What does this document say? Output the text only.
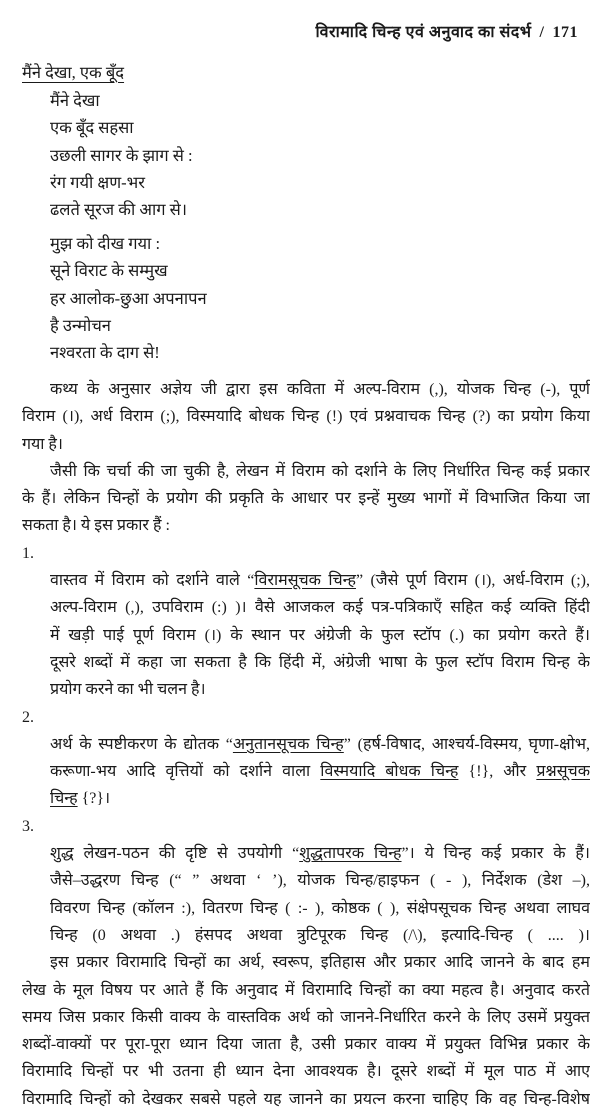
विरामादि चिन्ह एवं अनुवाद का संदर्भ / 171
मैंने देखा, एक बूँद
मैंने देखा
एक बूँद सहसा
उछली सागर के झाग से :
रंग गयी क्षण-भर
ढलते सूरज की आग से।
मुझ को दीख गया :
सूने विराट के सम्मुख
हर आलोक-छुआ अपनापन
है उन्मोचन
नश्वरता के दाग से!
कथ्य के अनुसार अज्ञेय जी द्वारा इस कविता में अल्प-विराम (,), योजक चिन्ह (-), पूर्ण
विराम (।), अर्ध विराम (;), विस्मयादि बोधक चिन्ह (!) एवं प्रश्नवाचक चिन्ह (?) का प्रयोग किया
गया है।
जैसी कि चर्चा की जा चुकी है, लेखन में विराम को दर्शाने के लिए निर्धारित चिन्ह कई प्रकार
के हैं। लेकिन चिन्हों के प्रयोग की प्रकृति के आधार पर इन्हें मुख्य भागों में विभाजित किया जा
सकता है। ये इस प्रकार हैं :
1.
वास्तव में विराम को दर्शाने वाले “विरामसूचक चिन्ह” (जैसे पूर्ण विराम (।), अर्ध-विराम (;),
अल्प-विराम (,), उपविराम (:) )। वैसे आजकल कई पत्र-पत्रिकाएँ सहित कई व्यक्ति हिंदी
में खड़ी पाई पूर्ण विराम (।) के स्थान पर अंग्रेजी के फुल स्टॉप (.) का प्रयोग करते हैं।
दूसरे शब्दों में कहा जा सकता है कि हिंदी में, अंग्रेजी भाषा के फुल स्टॉप विराम चिन्ह के
प्रयोग करने का भी चलन है।
2.
अर्थ के स्पष्टीकरण के द्योतक “अनुतानसूचक चिन्ह” (हर्ष-विषाद, आश्चर्य-विस्मय, घृणा-क्षोभ,
करूणा-भय आदि वृत्तियों को दर्शाने वाला विस्मयादि बोधक चिन्ह {!}, और प्रश्नसूचक
चिन्ह {?}।
3.
शुद्ध लेखन-पठन की दृष्टि से उपयोगी “शुद्धतापरक चिन्ह”। ये चिन्ह कई प्रकार के हैं।
जैसे–उद्धरण चिन्ह (“ ” अथवा ‘ ’), योजक चिन्ह/हाइफन ( - ), निर्देशक (डेश –),
विवरण चिन्ह (कॉलन :), वितरण चिन्ह ( :- ), कोष्ठक ( ), संक्षेपसूचक चिन्ह अथवा लाघव
चिन्ह (0 अथवा .) हंसपद अथवा त्रुटिपूरक चिन्ह (/\), इत्यादि-चिन्ह ( .... )।
इस प्रकार विरामादि चिन्हों का अर्थ, स्वरूप, इतिहास और प्रकार आदि जानने के बाद हम
लेख के मूल विषय पर आते हैं कि अनुवाद में विरामादि चिन्हों का क्या महत्व है। अनुवाद करते
समय जिस प्रकार किसी वाक्य के वास्तविक अर्थ को जानने-निर्धारित करने के लिए उसमें प्रयुक्त
शब्दों-वाक्यों पर पूरा-पूरा ध्यान दिया जाता है, उसी प्रकार वाक्य में प्रयुक्त विभिन्न प्रकार के
विरामादि चिन्हों पर भी उतना ही ध्यान देना आवश्यक है। दूसरे शब्दों में मूल पाठ में आए
विरामादि चिन्हों को देखकर सबसे पहले यह जानने का प्रयत्न करना चाहिए कि वह चिन्ह-विशेष
